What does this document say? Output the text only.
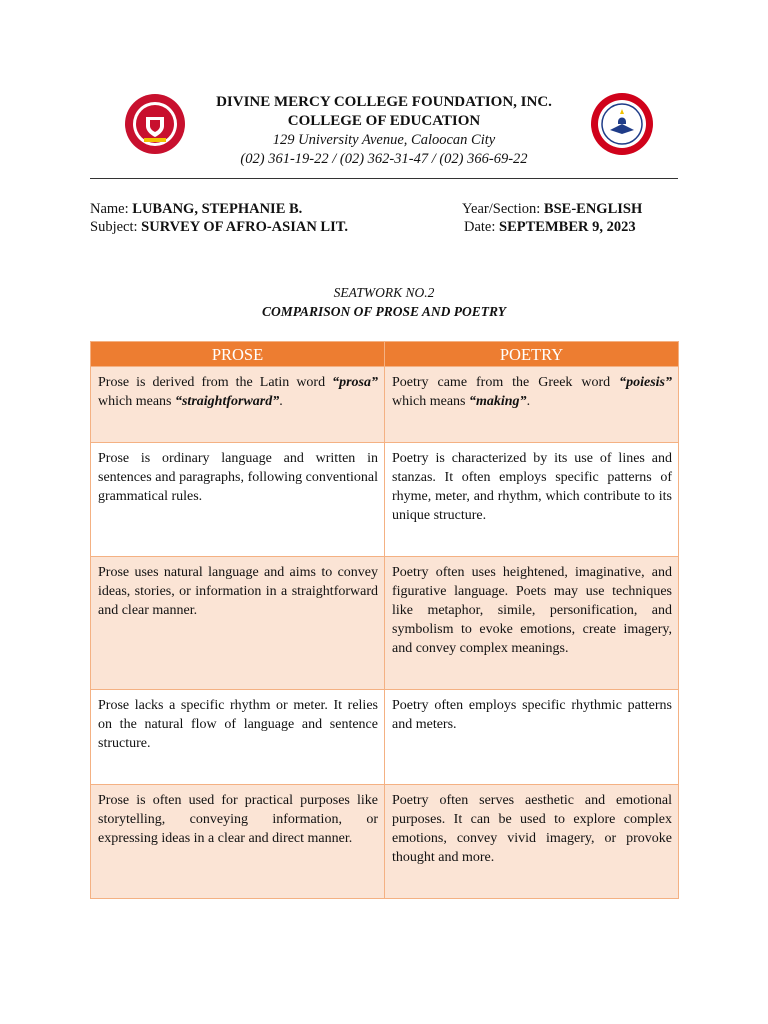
DIVINE MERCY COLLEGE FOUNDATION, INC.
COLLEGE OF EDUCATION
129 University Avenue, Caloocan City
(02) 361-19-22 / (02) 362-31-47 / (02) 366-69-22
Name: LUBANG, STEPHANIE B.
Subject: SURVEY OF AFRO-ASIAN LIT.
Year/Section: BSE-ENGLISH
Date: SEPTEMBER 9, 2023
SEATWORK NO.2
COMPARISON OF PROSE AND POETRY
PROSE	POETRY
Prose is derived from the Latin word “prosa” which means “straightforward”.	Poetry came from the Greek word “poiesis” which means “making”.
Prose is ordinary language and written in sentences and paragraphs, following conventional grammatical rules.	Poetry is characterized by its use of lines and stanzas. It often employs specific patterns of rhyme, meter, and rhythm, which contribute to its unique structure.
Prose uses natural language and aims to convey ideas, stories, or information in a straightforward and clear manner.	Poetry often uses heightened, imaginative, and figurative language. Poets may use techniques like metaphor, simile, personification, and symbolism to evoke emotions, create imagery, and convey complex meanings.
Prose lacks a specific rhythm or meter. It relies on the natural flow of language and sentence structure.	Poetry often employs specific rhythmic patterns and meters.
Prose is often used for practical purposes like storytelling, conveying information, or expressing ideas in a clear and direct manner.	Poetry often serves aesthetic and emotional purposes. It can be used to explore complex emotions, convey vivid imagery, or provoke thought and more.
